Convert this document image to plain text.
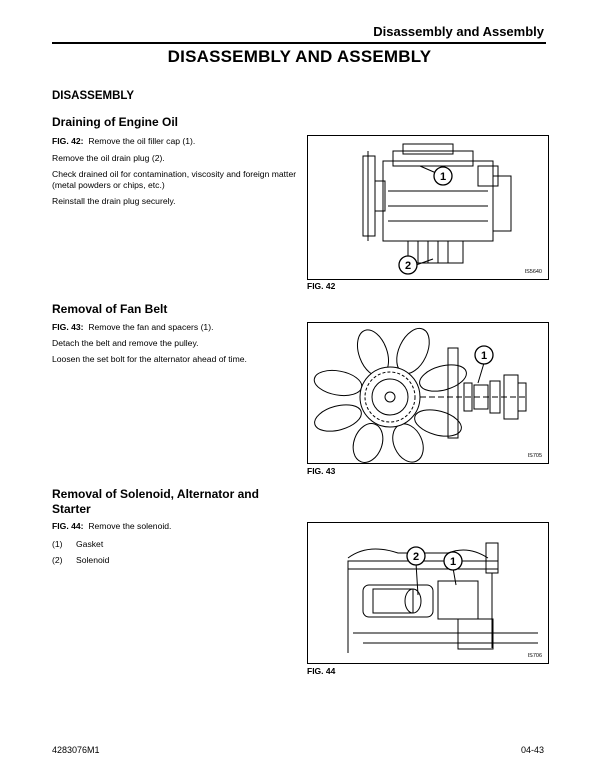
Disassembly and Assembly
DISASSEMBLY AND ASSEMBLY
DISASSEMBLY
Draining of Engine Oil
FIG. 42: Remove the oil filler cap (1).
Remove the oil drain plug (2).
Check drained oil for contamination, viscosity and foreign matter (metal powders or chips, etc.)
Reinstall the drain plug securely.
1
2	IS5640
FIG. 42
Removal of Fan Belt
FIG. 43: Remove the fan and spacers (1).
Detach the belt and remove the pulley.
Loosen the set bolt for the alternator ahead of time.	1
IS705
FIG. 43
Removal of Solenoid, Alternator and
Starter
FIG. 44: Remove the solenoid.
(1) Gasket
(2) Solenoid	2	1
IS706
FIG. 44
4283076M1	04-43
